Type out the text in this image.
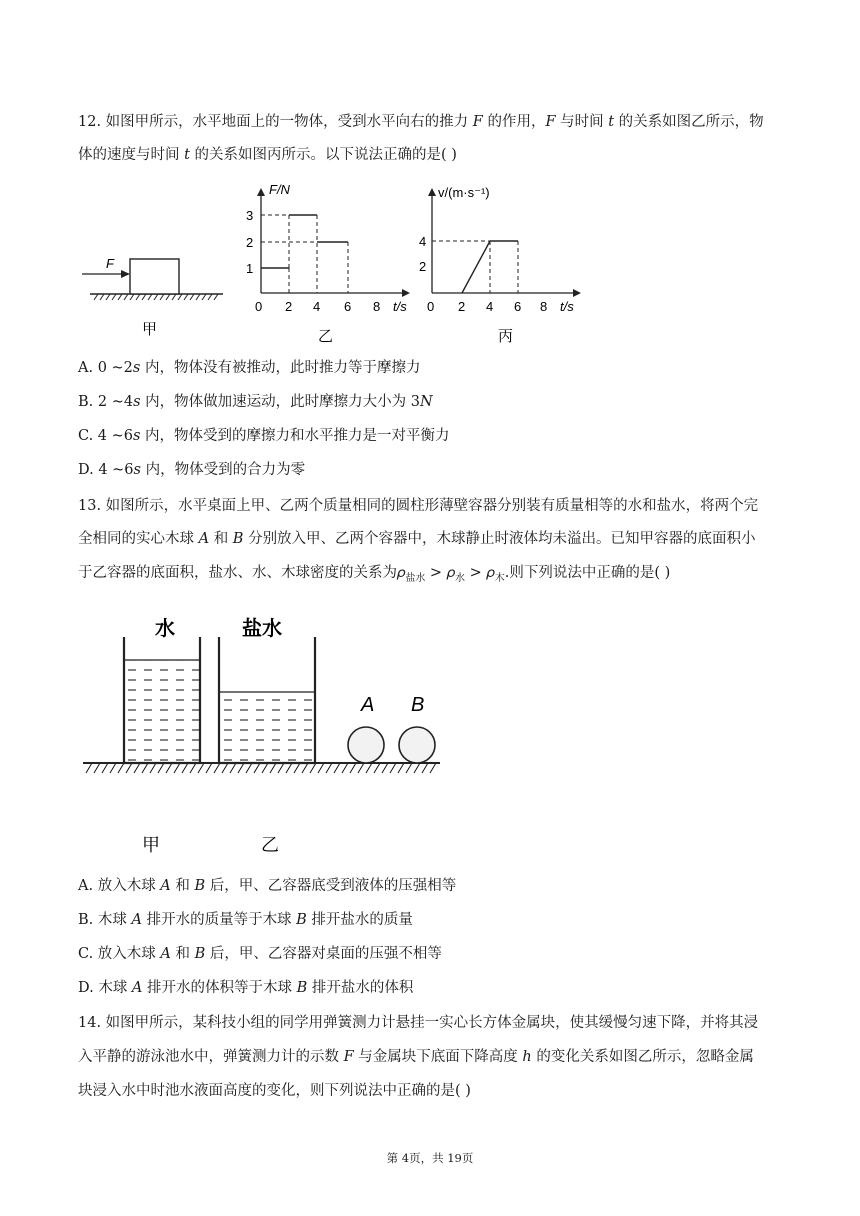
12. 如图甲所示，水平地面上的一物体，受到水平向右的推力 𝐹 的作用，𝐹 与时间 𝑡 的关系如图乙所示，物
体的速度与时间 𝑡 的关系如图丙所示。以下说法正确的是( )
F
甲
F/N
t/s
1
2
3
0 2 4 6 8
乙
v/(m·s⁻¹)
t/s
2
4
0 2 4 6 8
丙
A. 0 ~2𝑠 内，物体没有被推动，此时推力等于摩擦力
B. 2 ~4𝑠 内，物体做加速运动，此时摩擦力大小为 3𝑁
C. 4 ~6𝑠 内，物体受到的摩擦力和水平推力是一对平衡力
D. 4 ~6𝑠 内，物体受到的合力为零
13. 如图所示，水平桌面上甲、乙两个质量相同的圆柱形薄壁容器分别装有质量相等的水和盐水，将两个完
全相同的实心木球 𝐴 和 𝐵 分别放入甲、乙两个容器中，木球静止时液体均未溢出。已知甲容器的底面积小
于乙容器的底面积，盐水、水、木球密度的关系为𝜌$_{盐水}$ > 𝜌$_水$ > 𝜌$_木$.则下列说法中正确的是( )
水	盐水
A B
甲	乙
A. 放入木球 𝐴 和 𝐵 后，甲、乙容器底受到液体的压强相等
B. 木球 𝐴 排开水的质量等于木球 𝐵 排开盐水的质量
C. 放入木球 𝐴 和 𝐵 后，甲、乙容器对桌面的压强不相等
D. 木球 𝐴 排开水的体积等于木球 𝐵 排开盐水的体积
14. 如图甲所示，某科技小组的同学用弹簧测力计悬挂一实心长方体金属块，使其缓慢匀速下降，并将其浸
入平静的游泳池水中，弹簧测力计的示数 𝐹 与金属块下底面下降高度 ℎ 的变化关系如图乙所示，忽略金属
块浸入水中时池水液面高度的变化，则下列说法中正确的是( )
第 4页，共 19页
